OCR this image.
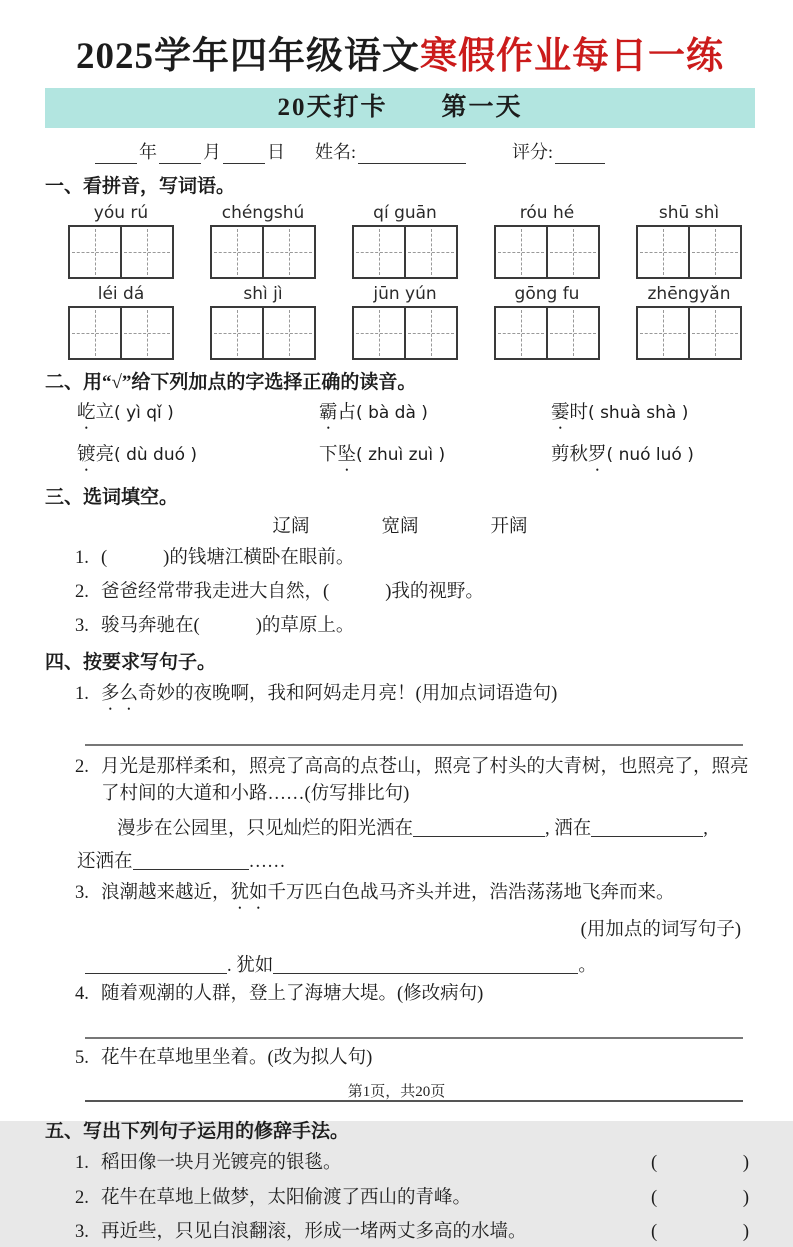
2025学年四年级语文寒假作业每日一练
20天打卡　　第一天
年	月	日 姓名:	评分:
一、看拼音，写词语。
yóu rú	chéngshú	qí guān	róu hé	shū shì
léi dá	shì jì	jūn yún	gōng fu	zhēngyǎn
二、用“√”给下列加点的字选择正确的读音。
屹立( yì qǐ )	霸占( bà dà )	霎时( shuà shà )
镀亮( dù duó )	下坠( zhuì zuì )	剪秋罗( nuó luó )
三、选词填空。
辽阔	宽阔	开阔
1. (	)的钱塘江横卧在眼前。
2. 爸爸经常带我走进大自然，(	)我的视野。
3. 骏马奔驰在(	)的草原上。
四、按要求写句子。
1. 多么奇妙的夜晚啊，我和阿妈走月亮！(用加点词语造句)
2. 月光是那样柔和，照亮了高高的点苍山，照亮了村头的大青树，也照亮了，照亮了村间的大道和小路……(仿写排比句)
漫步在公园里，只见灿烂的阳光洒在	, 洒在	,
还洒在	……
3. 浪潮越来越近，犹如千万匹白色战马齐头并进，浩浩荡荡地飞奔而来。
(用加点的词写句子)
. 犹如	。
4. 随着观潮的人群，登上了海塘大堤。(修改病句)
5. 花牛在草地里坐着。(改为拟人句)
五、写出下列句子运用的修辞手法。
1. 稻田像一块月光镀亮的银毯。	(	)
2. 花牛在草地上做梦，太阳偷渡了西山的青峰。	(	)
3. 再近些，只见白浪翻滚，形成一堵两丈多高的水墙。	(	)
第1页，共20页
